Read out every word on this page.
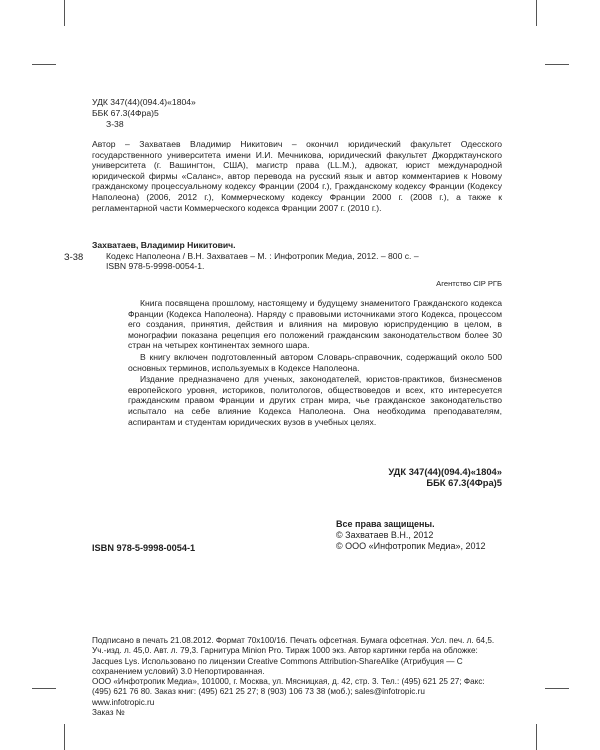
УДК 347(44)(094.4)«1804»
ББК 67.3(4Фра)5
З-38

Автор – Захватаев Владимир Никитович – окончил юридический факультет Одесского государственного университета имени И.И. Мечникова, юридический факультет Джорджтаунского университета (г. Вашингтон, США), магистр права (LL.M.), адвокат, юрист международной юридической фирмы «Саланс», автор перевода на русский язык и автор комментариев к Новому гражданскому процессуальному кодексу Франции (2004 г.), Гражданскому кодексу Франции (Кодексу Наполеона) (2006, 2012 г.), Коммерческому кодексу Франции 2000 г. (2008 г.), а также к регламентарной части Коммерческого кодекса Франции 2007 г. (2010 г.).

Захватаев, Владимир Никитович.
З-38	Кодекс Наполеона / В.Н. Захватаев – М. : Инфотропик Медиа, 2012. – 800 с. –
ISBN 978-5-9998-0054-1.
Агентство CIP РГБ

Книга посвящена прошлому, настоящему и будущему знаменитого Гражданского кодекса Франции (Кодекса Наполеона). Наряду с правовыми источниками этого Кодекса, процессом его создания, принятия, действия и влияния на мировую юриспруденцию в целом, в монографии показана рецепция его положений гражданским законодательством более 30 стран на четырех континентах земного шара.

В книгу включен подготовленный автором Словарь-справочник, содержащий около 500 основных терминов, используемых в Кодексе Наполеона.

Издание предназначено для ученых, законодателей, юристов-практиков, бизнесменов европейского уровня, историков, политологов, обществоведов и всех, кто интересуется гражданским правом Франции и других стран мира, чье гражданское законодательство испытало на себе влияние Кодекса Наполеона. Она необходима преподавателям, аспирантам и студентам юридических вузов в учебных целях.

УДК 347(44)(094.4)«1804»
ББК 67.3(4Фра)5
Все права защищены.
© Захватаев В.Н., 2012
© ООО «Инфотропик Медиа», 2012
ISBN 978-5-9998-0054-1
Подписано в печать 21.08.2012. Формат 70х100/16. Печать офсетная. Бумага офсетная. Усл. печ. л. 64,5. Уч.-изд. л. 45,0. Авт. л. 79,3. Гарнитура Minion Pro. Тираж 1000 экз. Автор картинки герба на обложке: Jacques Lys. Использовано по лицензии Creative Commons Attribution-ShareAlike (Атрибуция — С сохранением условий) 3.0 Непортированная.
ООО «Инфотропик Медиа», 101000, г. Москва, ул. Мясницкая, д. 42, стр. 3. Тел.: (495) 621 25 27; Факс: (495) 621 76 80. Заказ книг: (495) 621 25 27; 8 (903) 106 73 38 (моб.); sales@infotropic.ru
www.infotropic.ru
Заказ №
